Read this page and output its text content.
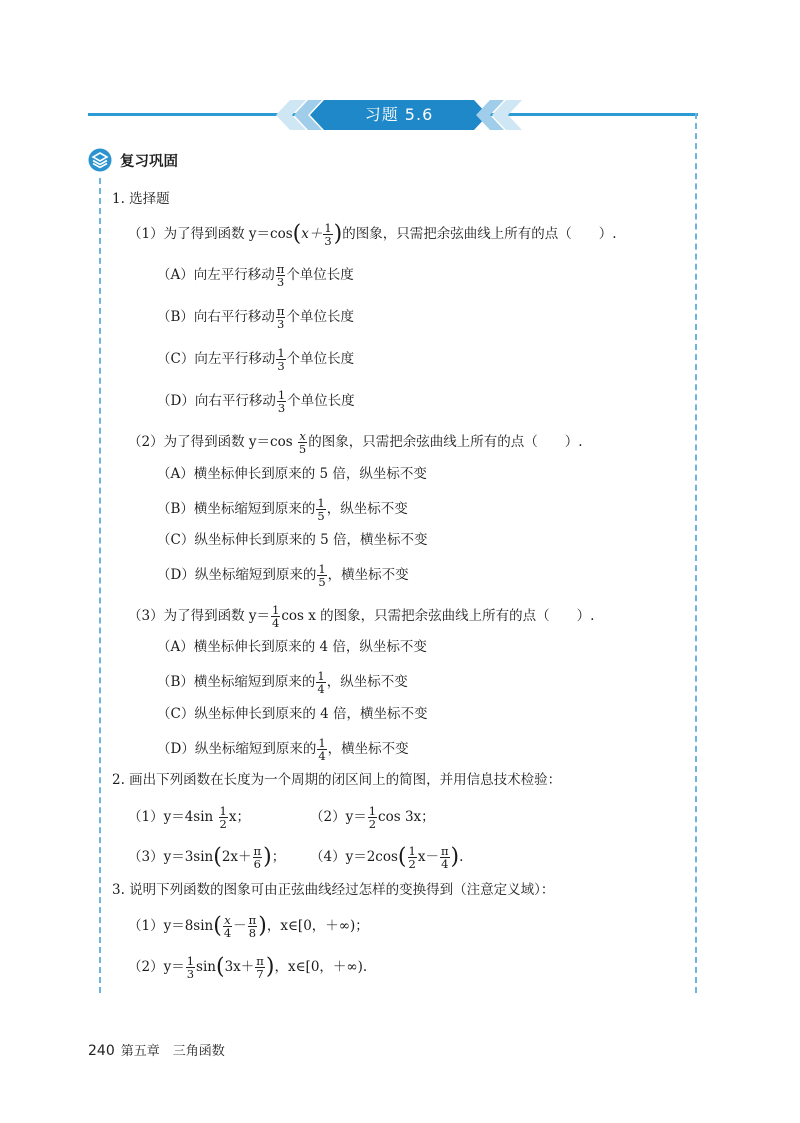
习题 5.6
复习巩固
1. 选择题
（1）为了得到函数 $y=\cos(x+ \frac{1}{3}$ )的图象，只需把余弦曲线上所有的点（　　）.
（A）向左平行移动 $\frac{\pi}{3}$ 个单位长度
（B）向右平行移动 $\frac{\pi}{3}$ 个单位长度
（C）向左平行移动 $\frac{1}{3}$ 个单位长度
（D）向右平行移动 $\frac{1}{3}$ 个单位长度
（2）为了得到函数 $y=\cos \frac{x}{5}$ 的图象，只需把余弦曲线上所有的点（　　）.
（A）横坐标伸长到原来的 5 倍，纵坐标不变
（B）横坐标缩短到原来的 $\frac{1}{5}$ ，纵坐标不变
（C）纵坐标伸长到原来的 5 倍，横坐标不变
（D）纵坐标缩短到原来的 $\frac{1}{5}$ ，横坐标不变
（3）为了得到函数 $y= \frac{1}{4}$ cos x 的图象，只需把余弦曲线上所有的点（　　）.
（A）横坐标伸长到原来的 4 倍，纵坐标不变
（B）横坐标缩短到原来的 $\frac{1}{4}$ ，纵坐标不变
（C）纵坐标伸长到原来的 4 倍，横坐标不变
（D）纵坐标缩短到原来的 $\frac{1}{4}$ ，横坐标不变
2. 画出下列函数在长度为一个周期的闭区间上的简图，并用信息技术检验：
$(1)y=4\sin \frac{1}{2}$ x；	$(2)y= \frac{1}{2}$ cos 3x；
$(3)y=3\sin(2x+ \frac{\pi}{6}$ )； $(4)y=2\cos( \frac{1}{2} x- \frac{\pi}{4}$ ).
3. 说明下列函数的图象可由正弦曲线经过怎样的变换得到（注意定义域）：
$(1)y=8\sin( \frac{x}{4} - \frac{\pi}{8}$ )，x∈[0，＋∞)；
$(2)y= \frac{1}{3} \sin(3x+ \frac{\pi}{7}$ )，x∈[0，＋∞).
240 第五章　三角函数
